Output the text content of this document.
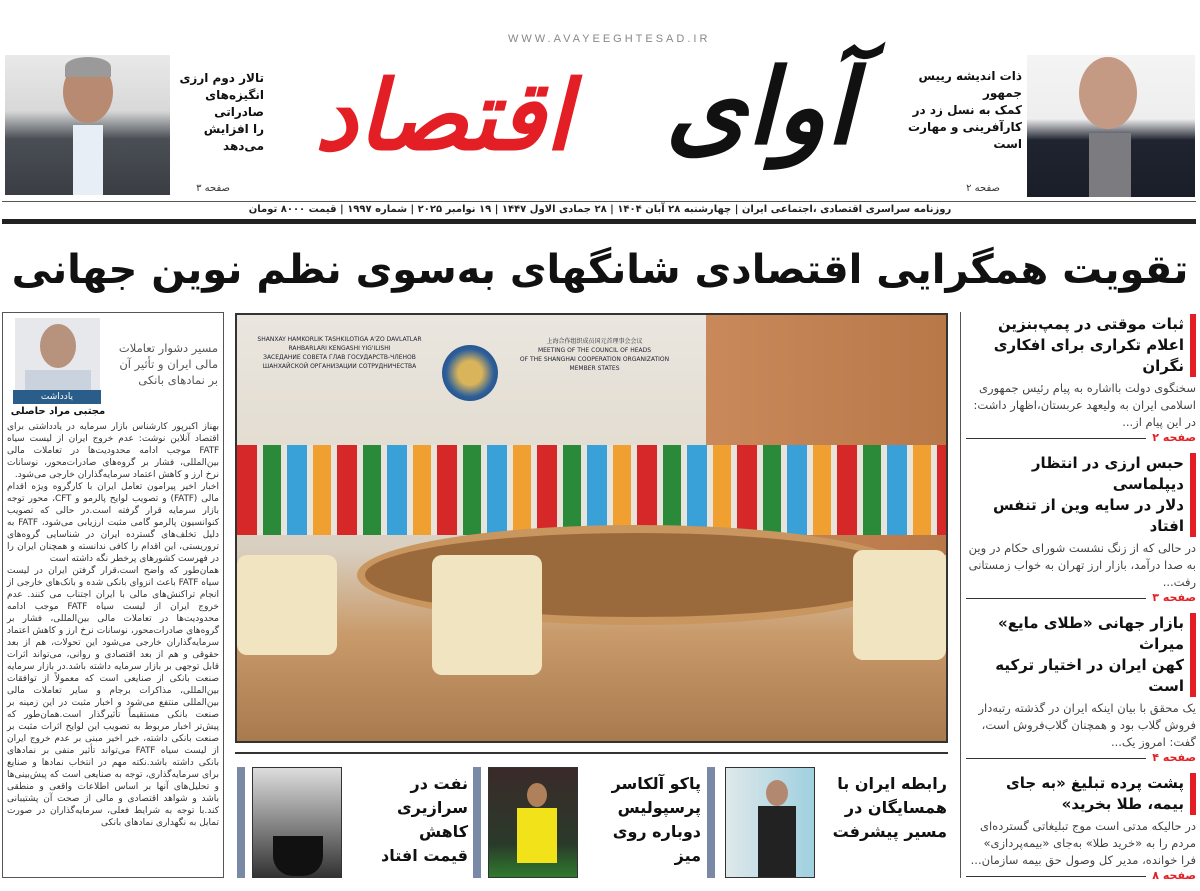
تالار دوم ارزی
انگیزه‌های صادراتی
را افزایش می‌دهد
صفحه ۳
WWW.AVAYEEGHTESAD.IR
اقتصاد آوای	ذات اندیشه رییس جمهور
کمک به نسل زد در
کارآفرینی و مهارت است
صفحه ۲
روزنامه سراسری اقتصادی ،اجتماعی ایران | چهارشنبه ۲۸ آبان ۱۴۰۴ | ۲۸ جمادی الاول ۱۴۴۷ | ۱۹ نوامبر ۲۰۲۵ | شماره ۱۹۹۷ | قیمت ۸۰۰۰ تومان
تقویت همگرایی اقتصادی شانگهای به‌سوی نظم نوین جهانی
یادداشت
مجتبی مراد حاصلی
مسیر دشوار تعاملات
مالی ایران و تأثیر آن
بر نمادهای بانکی

بهناز اکبرپور کارشناس بازار سرمایه در یادداشتی برای اقتصاد آنلاین نوشت: عدم خروج ایران از لیست سیاه FATF موجب ادامه محدودیت‌ها در تعاملات مالی بین‌المللی، فشار بر گروه‌های صادرات‌محور، نوسانات نرخ ارز و کاهش اعتماد سرمایه‌گذاران خارجی می‌شود.

اخبار اخیر پیرامون تعامل ایران با کارگروه ویژه اقدام مالی (FATF) و تصویب لوایح پالرمو و CFT، محور توجه بازار سرمایه قرار گرفته است.در حالی که تصویب کنوانسیون پالرمو گامی مثبت ارزیابی می‌شود، FATF به دلیل تخلف‌های گسترده ایران در شناسایی گروه‌های تروریستی، این اقدام را کافی ندانسته و همچنان ایران را در فهرست کشورهای پرخطر نگه داشته است

همان‌طور که واضح است،قرار گرفتن ایران در لیست سیاه FATF باعث انزوای بانکی شده و بانک‌های خارجی از انجام تراکنش‌های مالی با ایران اجتناب می کنند. عدم خروج ایران از لیست سیاه FATF موجب ادامه محدودیت‌ها در تعاملات مالی بین‌المللی، فشار بر گروه‌های صادرات‌محور، نوسانات نرخ ارز و کاهش اعتماد سرمایه‌گذاران خارجی می‌شود این تحولات، هم از بعد حقوقی و هم از بعد اقتصادی و روانی، می‌تواند اثرات قابل توجهی بر بازار سرمایه داشته باشد.در بازار سرمایه صنعت بانکی از صنایعی است که معمولاً از توافقات بین‌المللی، مذاکرات برجام و سایر تعاملات مالی بین‌المللی منتفع می‌شود و اخبار مثبت در این زمینه بر صنعت بانکی مستقیماً تأثیرگذار است.همان‌طور که پیش‌تر اخبار مربوط به تصویب این لوایح اثرات مثبت بر صنعت بانکی داشته، خبر اخیر مبنی بر عدم خروج ایران از لیست سیاه FATF می‌تواند تأثیر منفی بر نمادهای بانکی داشته باشد.نکته مهم در انتخاب نمادها و صنایع برای سرمایه‌گذاری، توجه به صنایعی است که پیش‌بینی‌ها و تحلیل‌های آنها بر اساس اطلاعات واقعی و منطقی باشد و شواهد اقتصادی و مالی از صحت آن پشتیبانی کند.با توجه به شرایط فعلی، سرمایه‌گذاران در صورت تمایل به نگهداری نمادهای بانکی

SHANXAY HAMKORLIK TASHKILOTIGA A'ZO DAVLATLAR
RAHBARLARI KENGASHI YIG'ILISHI
ЗАСЕДАНИЕ СОВЕТА ГЛАВ ГОСУДАРСТВ-ЧЛЕНОВ
ШАНХАЙСКОЙ ОРГАНИЗАЦИИ СОТРУДНИЧЕСТВА
上海合作组织成员国元首理事会会议
MEETING OF THE COUNCIL OF HEADS
OF THE SHANGHAI COOPERATION ORGANIZATION
MEMBER STATES
رابطه ایران با
همسایگان در
مسیر پیشرفت
پاکو آلکاسر
پرسپولیس
دوباره روی میز
نفت در
سرازیری کاهش
قیمت افتاد
ثبات موقتی در پمپ‌بنزین
اعلام تکراری برای افکاری نگران
سخنگوی دولت بااشاره به پیام رئیس جمهوری اسلامی ایران به ولیعهد عربستان،اظهار داشت: در این پیام از...
صفحه ۲
حبس ارزی در انتظار دیپلماسی
دلار در سایه وین از تنفس افتاد
در حالی که از زنگ نشست شورای حکام در وین به صدا درآمد، بازار ارز تهران به خواب زمستانی رفت...
صفحه ۳
بازار جهانی «طلای مایع» میراث
کهن ایران در اختیار ترکیه است
یک محقق با بیان اینکه ایران در گذشته رتبه‌دار فروش گلاب بود و همچنان گلاب‌فروش است، گفت: امروز یک...
صفحه ۴
پشت پرده تبلیغ «به جای
بیمه، طلا بخرید»
در حالیکه مدتی است موج تبلیغاتی گسترده‌ای مردم را به «خرید طلا» به‌جای «بیمه‌پردازی» فرا خوانده، مدیر کل وصول حق بیمه سازمان...
صفحه ۸
